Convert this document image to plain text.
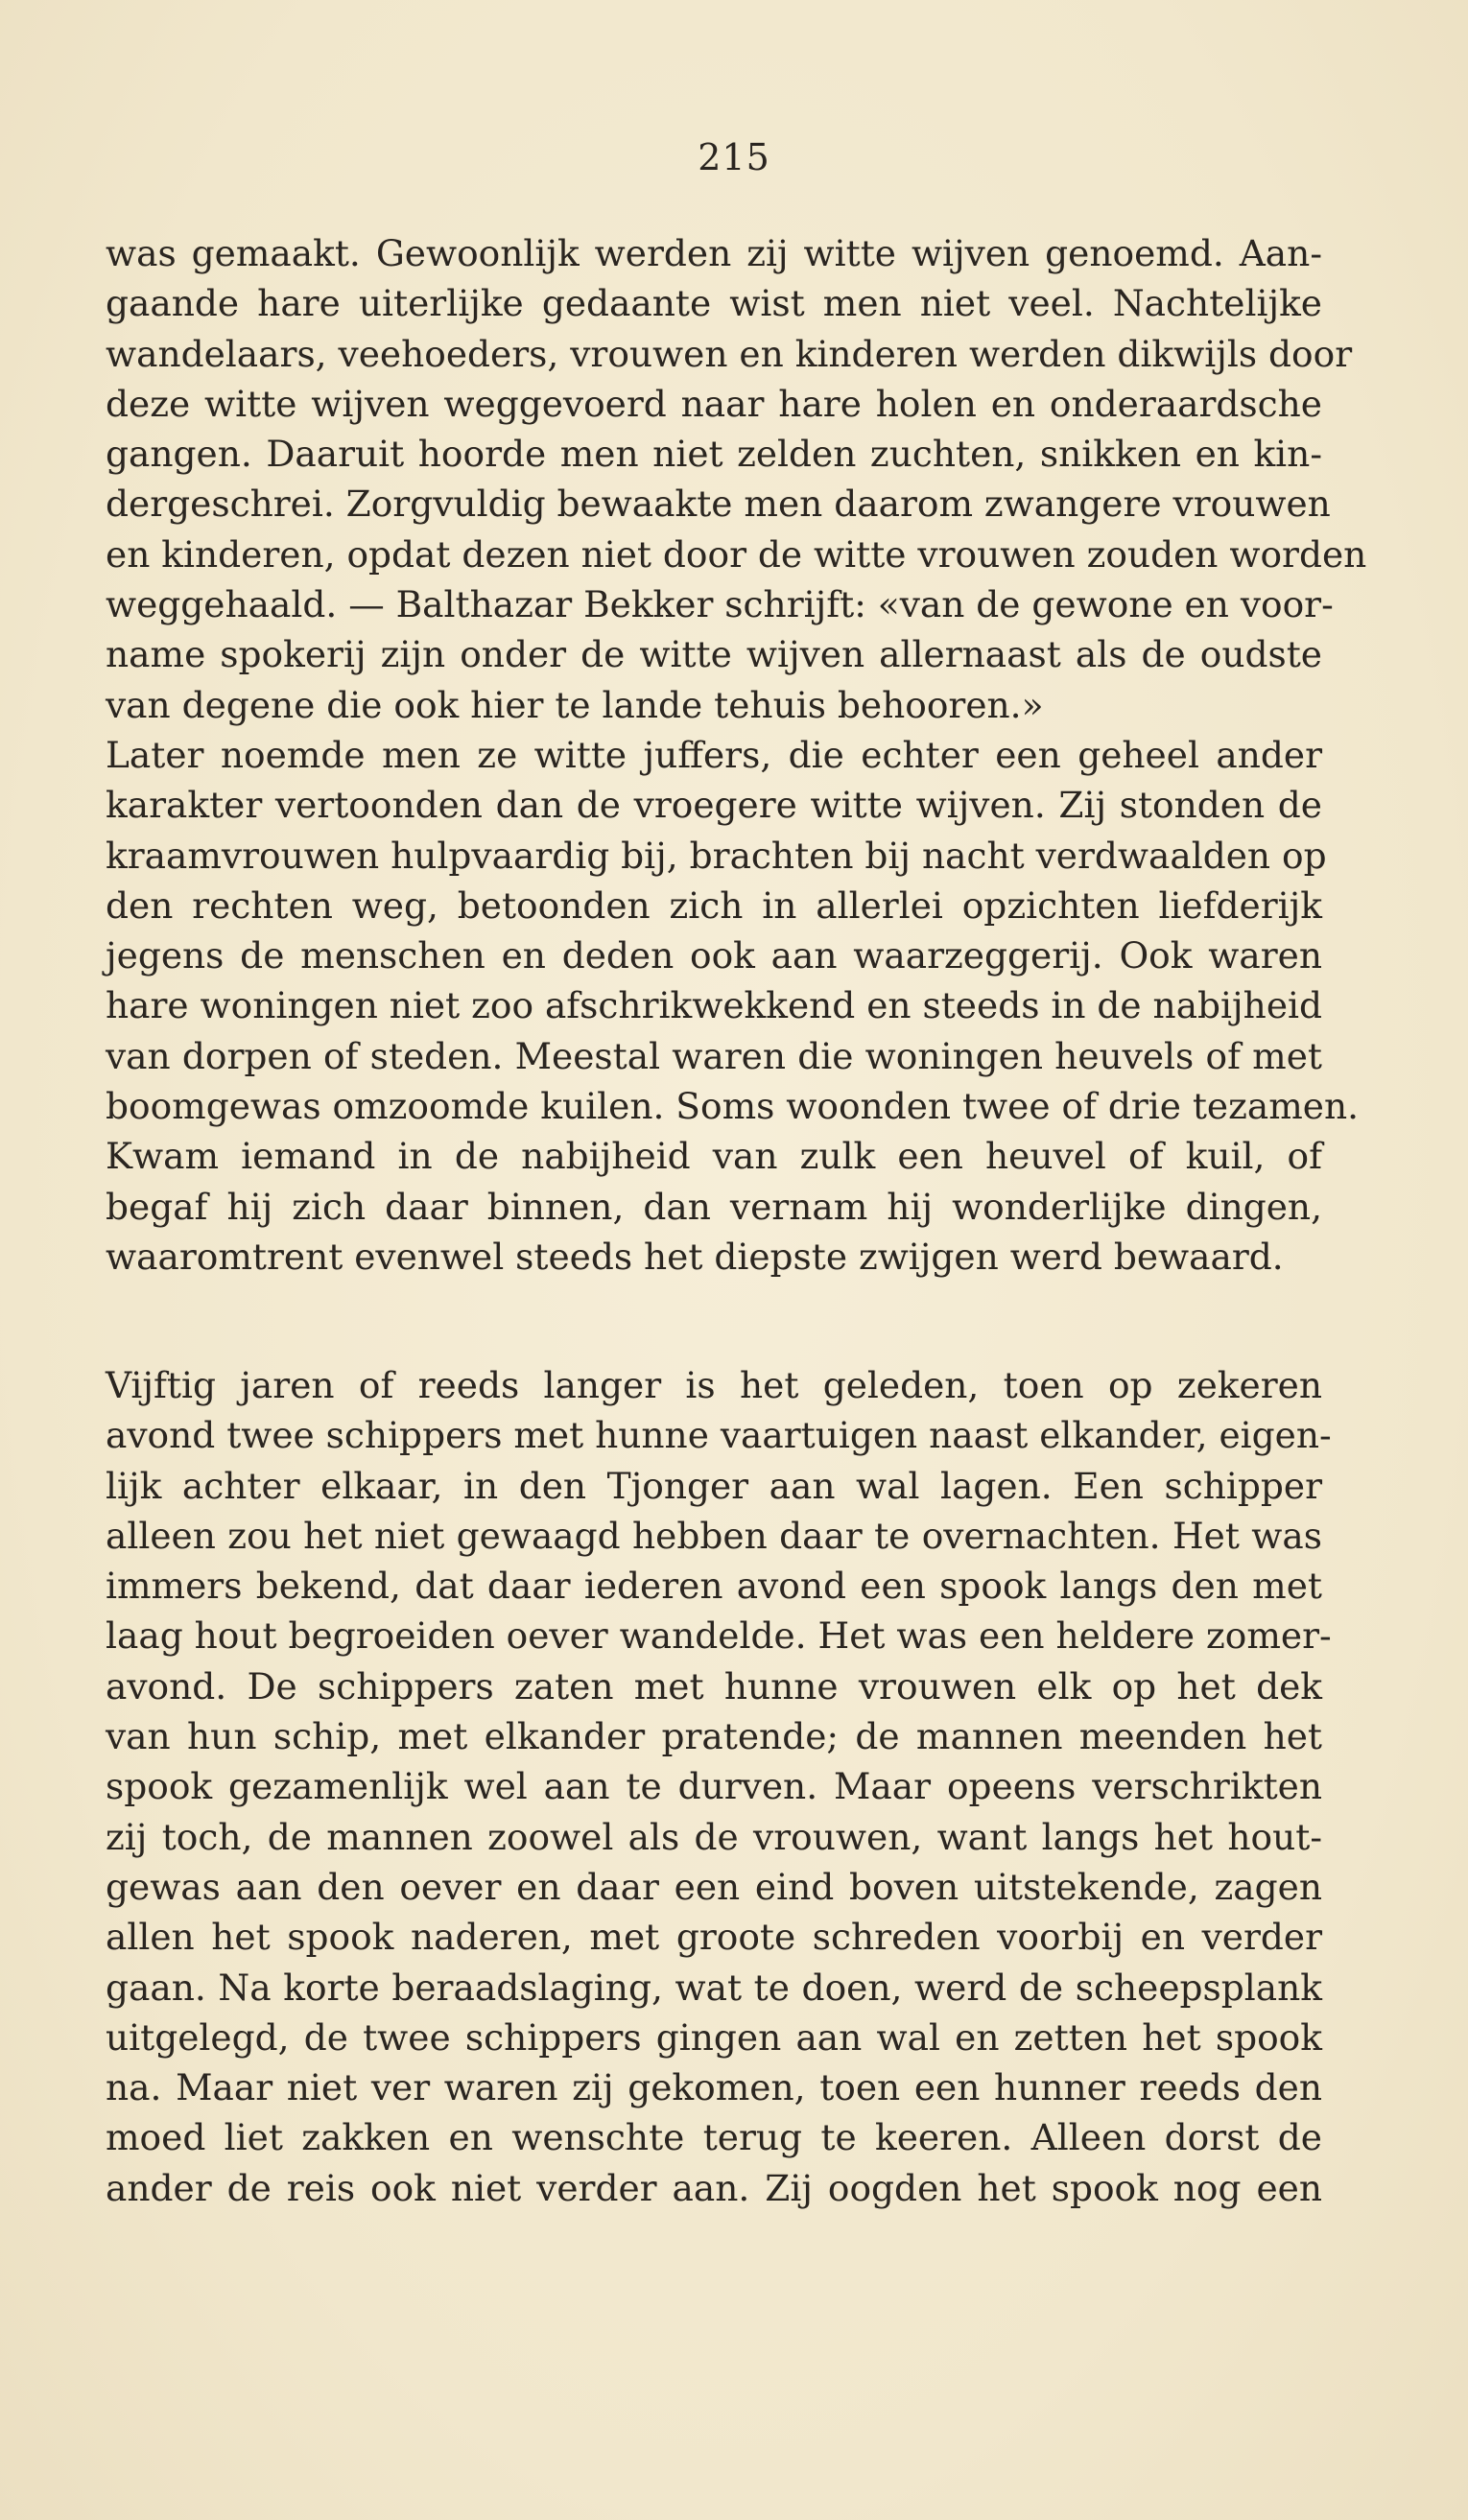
215
was gemaakt. Gewoonlijk werden zij witte wijven genoemd. Aan-
gaande hare uiterlijke gedaante wist men niet veel. Nachtelijke
wandelaars, veehoeders, vrouwen en kinderen werden dikwijls door
deze witte wijven weggevoerd naar hare holen en onderaardsche
gangen. Daaruit hoorde men niet zelden zuchten, snikken en kin-
dergeschrei. Zorgvuldig bewaakte men daarom zwangere vrouwen
en kinderen, opdat dezen niet door de witte vrouwen zouden worden
weggehaald. — Balthazar Bekker schrijft: «van de gewone en voor-
name spokerij zijn onder de witte wijven allernaast als de oudste
van degene die ook hier te lande tehuis behooren.»
Later noemde men ze witte juffers, die echter een geheel ander
karakter vertoonden dan de vroegere witte wijven. Zij stonden de
kraamvrouwen hulpvaardig bij, brachten bij nacht verdwaalden op
den rechten weg, betoonden zich in allerlei opzichten liefderijk
jegens de menschen en deden ook aan waarzeggerij. Ook waren
hare woningen niet zoo afschrikwekkend en steeds in de nabijheid
van dorpen of steden. Meestal waren die woningen heuvels of met
boomgewas omzoomde kuilen. Soms woonden twee of drie tezamen.
Kwam iemand in de nabijheid van zulk een heuvel of kuil, of
begaf hij zich daar binnen, dan vernam hij wonderlijke dingen,
waaromtrent evenwel steeds het diepste zwijgen werd bewaard.
Vijftig jaren of reeds langer is het geleden, toen op zekeren
avond twee schippers met hunne vaartuigen naast elkander, eigen-
lijk achter elkaar, in den Tjonger aan wal lagen. Een schipper
alleen zou het niet gewaagd hebben daar te overnachten. Het was
immers bekend, dat daar iederen avond een spook langs den met
laag hout begroeiden oever wandelde. Het was een heldere zomer-
avond. De schippers zaten met hunne vrouwen elk op het dek
van hun schip, met elkander pratende; de mannen meenden het
spook gezamenlijk wel aan te durven. Maar opeens verschrikten
zij toch, de mannen zoowel als de vrouwen, want langs het hout-
gewas aan den oever en daar een eind boven uitstekende, zagen
allen het spook naderen, met groote schreden voorbij en verder
gaan. Na korte beraadslaging, wat te doen, werd de scheepsplank
uitgelegd, de twee schippers gingen aan wal en zetten het spook
na. Maar niet ver waren zij gekomen, toen een hunner reeds den
moed liet zakken en wenschte terug te keeren. Alleen dorst de
ander de reis ook niet verder aan. Zij oogden het spook nog een
